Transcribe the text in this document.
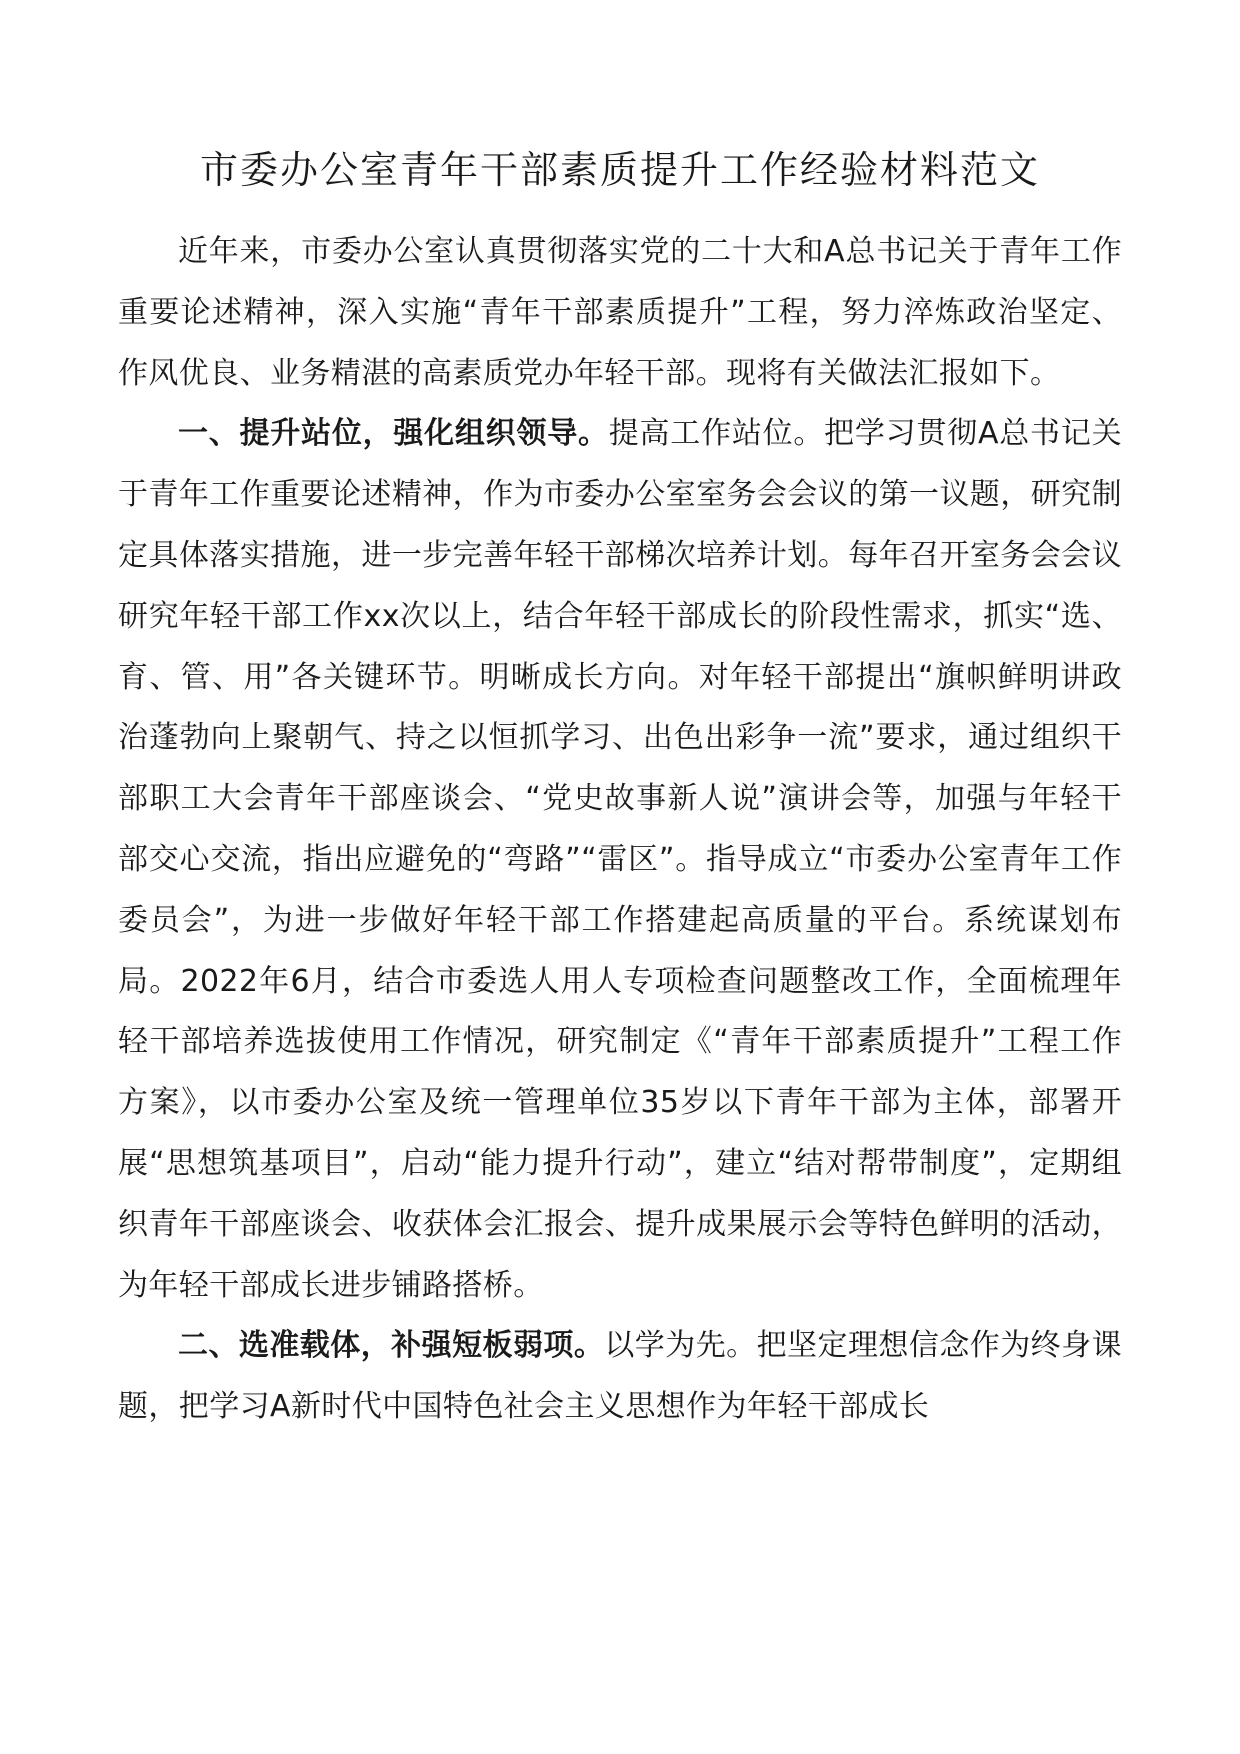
市委办公室青年干部素质提升工作经验材料范文

近年来，市委办公室认真贯彻落实党的二十大和A总书记关于青年工作重要论述精神，深入实施“青年干部素质提升”工程，努力淬炼政治坚定、作风优良、业务精湛的高素质党办年轻干部。现将有关做法汇报如下。

一、提升站位，强化组织领导。提高工作站位。把学习贯彻A总书记关于青年工作重要论述精神，作为市委办公室室务会会议的第一议题，研究制定具体落实措施，进一步完善年轻干部梯次培养计划。每年召开室务会会议研究年轻干部工作xx次以上，结合年轻干部成长的阶段性需求，抓实“选、育、管、用”各关键环节。明晰成长方向。对年轻干部提出“旗帜鲜明讲政治蓬勃向上聚朝气、持之以恒抓学习、出色出彩争一流”要求，通过组织干部职工大会青年干部座谈会、“党史故事新人说”演讲会等，加强与年轻干部交心交流，指出应避免的“弯路”“雷区”。指导成立“市委办公室青年工作委员会”，为进一步做好年轻干部工作搭建起高质量的平台。系统谋划布局。2022年6月，结合市委选人用人专项检查问题整改工作，全面梳理年轻干部培养选拔使用工作情况，研究制定《“青年干部素质提升”工程工作方案》，以市委办公室及统一管理单位35岁以下青年干部为主体，部署开展“思想筑基项目”，启动“能力提升行动”，建立“结对帮带制度”，定期组织青年干部座谈会、收获体会汇报会、提升成果展示会等特色鲜明的活动，为年轻干部成长进步铺路搭桥。

二、选准载体，补强短板弱项。以学为先。把坚定理想信念作为终身课题，把学习A新时代中国特色社会主义思想作为年轻干部成长
